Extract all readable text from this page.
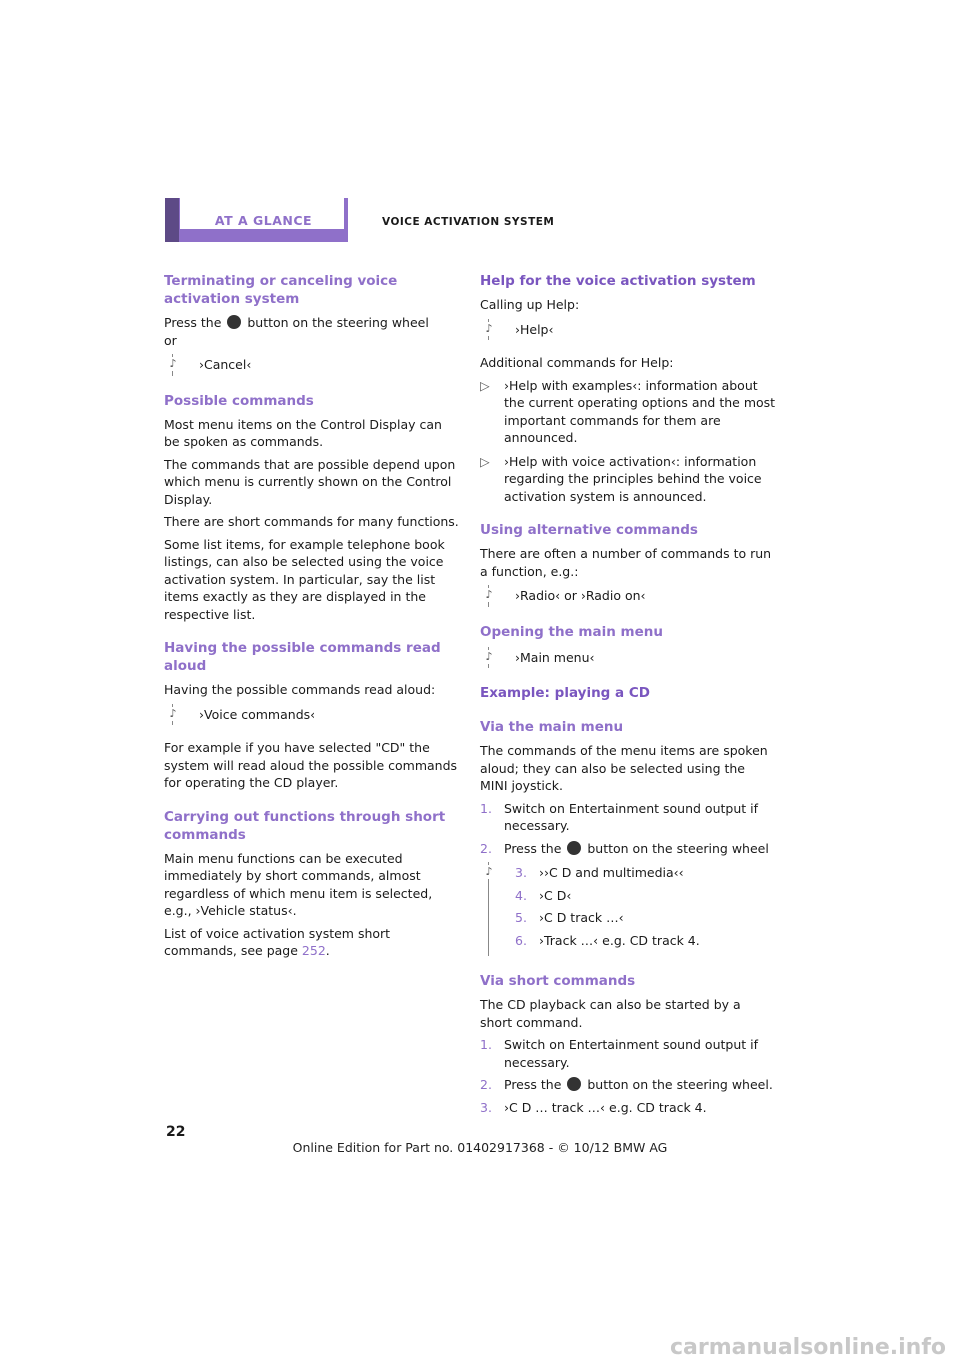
AT A GLANCE	VOICE ACTIVATION SYSTEM
Terminating or canceling voice activation system

Press the button on the steering wheel
or

♪	›Cancel‹
Possible commands

Most menu items on the Control Display can be spoken as commands.

The commands that are possible depend upon which menu is currently shown on the Control Display.

There are short commands for many functions.

Some list items, for example telephone book listings, can also be selected using the voice activation system. In particular, say the list items exactly as they are displayed in the respective list.

Having the possible commands read aloud

Having the possible commands read aloud:

♪	›Voice commands‹

For example if you have selected "CD" the system will read aloud the possible commands for operating the CD player.

Carrying out functions through short commands

Main menu functions can be executed immediately by short commands, almost regardless of which menu item is selected, e.g., ›Vehicle status‹.

List of voice activation system short commands, see page 252.

Help for the voice activation system

Calling up Help:

♪	›Help‹

Additional commands for Help:

▷ ›Help with examples‹: information about the current operating options and the most important commands for them are announced.
▷ ›Help with voice activation‹: information regarding the principles behind the voice activation system is announced.
Using alternative commands

There are often a number of commands to run a function, e.g.:

♪	›Radio‹ or ›Radio on‹
Opening the main menu
♪	›Main menu‹
Example: playing a CD
Via the main menu

The commands of the menu items are spoken aloud; they can also be selected using the MINI joystick.

1. Switch on Entertainment sound output if necessary.
2. Press the button on the steering wheel
♪	3. ››C D and multimedia‹‹
4. ›C D‹
5. ›C D track …‹
6. ›Track …‹ e.g. CD track 4.
Via short commands

The CD playback can also be started by a short command.

1. Switch on Entertainment sound output if necessary.
2. Press the button on the steering wheel.
3. ›C D … track …‹ e.g. CD track 4.
22
Online Edition for Part no. 01402917368 - © 10/12 BMW AG
carmanualsonline.info
